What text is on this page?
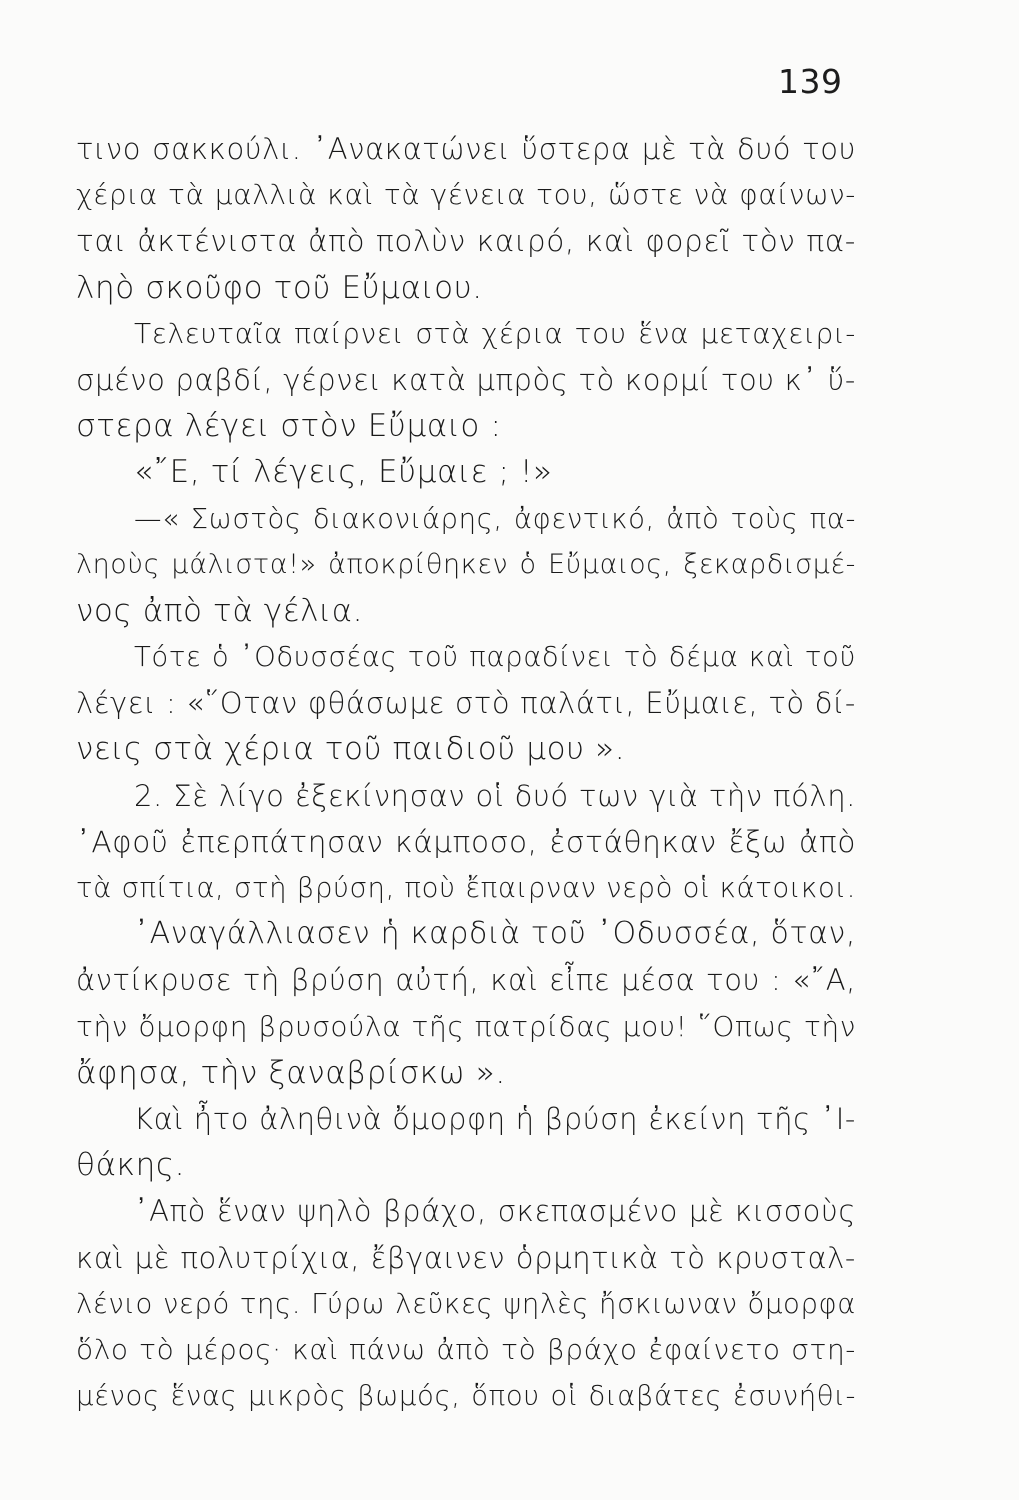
139
τινο σακκούλι. ᾿Ανακατώνει ὕστερα μὲ τὰ δυό του
χέρια τὰ μαλλιὰ καὶ τὰ γένεια του, ὥστε νὰ φαίνων-
ται ἀκτένιστα ἀπὸ πολὺν καιρό, καὶ φορεῖ τὸν πα-
ληὸ σκοῦφο τοῦ Εὔμαιου.
Τελευταῖα παίρνει στὰ χέρια του ἕνα μεταχειρι-
σμένο ραβδί, γέρνει κατὰ μπρὸς τὸ κορμί του κ᾿ ὕ-
στερα λέγει στὸν Εὔμαιο :
«῎Ε, τί λέγεις, Εὔμαιε ; !»
—« Σωστὸς διακονιάρης, ἀφεντικό, ἀπὸ τοὺς πα-
ληοὺς μάλιστα!» ἀποκρίθηκεν ὁ Εὔμαιος, ξεκαρδισμέ-
νος ἀπὸ τὰ γέλια.
Τότε ὁ ᾿Οδυσσέας τοῦ παραδίνει τὸ δέμα καὶ τοῦ
λέγει : «῞Οταν φθάσωμε στὸ παλάτι, Εὔμαιε, τὸ δί-
νεις στὰ χέρια τοῦ παιδιοῦ μου ».
2. Σὲ λίγο ἐξεκίνησαν οἱ δυό των γιὰ τὴν πόλη.
᾿Αφοῦ ἐπερπάτησαν κάμποσο, ἐστάθηκαν ἔξω ἀπὸ
τὰ σπίτια, στὴ βρύση, ποὺ ἔπαιρναν νερὸ οἱ κάτοικοι.
᾿Αναγάλλιασεν ἡ καρδιὰ τοῦ ᾿Οδυσσέα, ὅταν,
ἀντίκρυσε τὴ βρύση αὐτή, καὶ εἶπε μέσα του : «῎Α,
τὴν ὄμορφη βρυσούλα τῆς πατρίδας μου! ῞Οπως τὴν
ἄφησα, τὴν ξαναβρίσκω ».
Καὶ ἦτο ἀληθινὰ ὄμορφη ἡ βρύση ἐκείνη τῆς ᾿Ι-
θάκης.
᾿Απὸ ἕναν ψηλὸ βράχο, σκεπασμένο μὲ κισσοὺς
καὶ μὲ πολυτρίχια, ἔβγαινεν ὁρμητικὰ τὸ κρυσταλ-
λένιο νερό της. Γύρω λεῦκες ψηλὲς ἤσκιωναν ὄμορφα
ὅλο τὸ μέρος· καὶ πάνω ἀπὸ τὸ βράχο ἐφαίνετο στη-
μένος ἕνας μικρὸς βωμός, ὅπου οἱ διαβάτες ἐσυνήθι-
